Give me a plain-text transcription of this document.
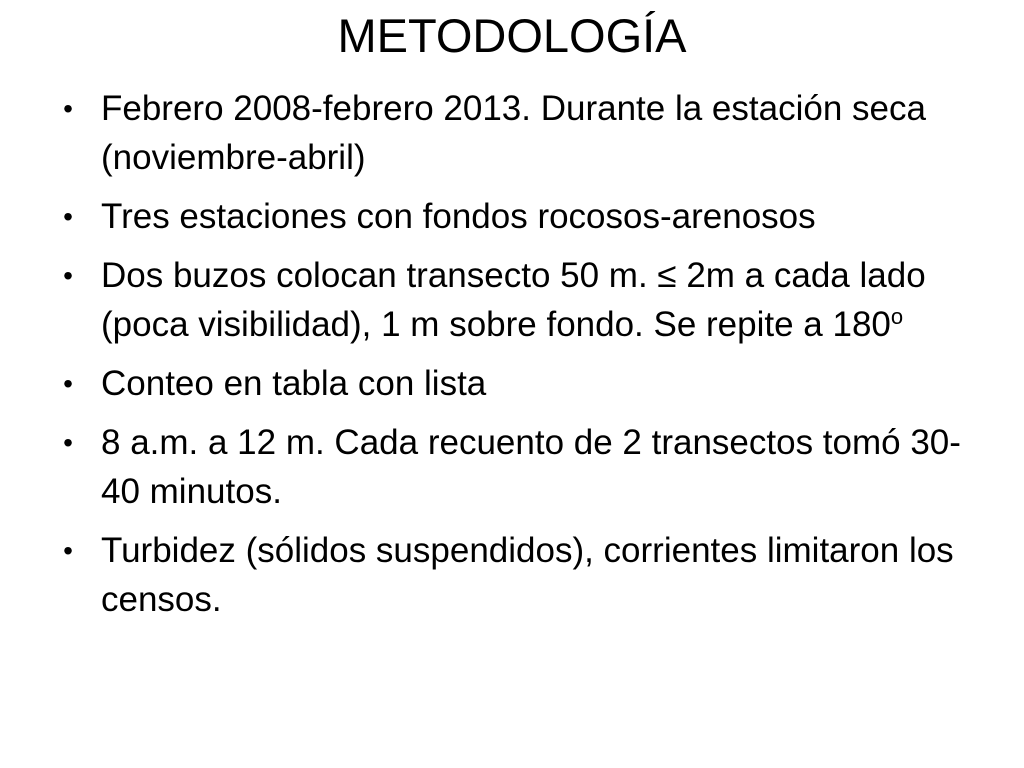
METODOLOGÍA
• Febrero 2008-febrero 2013. Durante la estación seca (noviembre-abril)
• Tres estaciones con fondos rocosos-arenosos
• Dos buzos colocan transecto 50 m. ≤ 2m a cada lado (poca visibilidad), 1 m sobre fondo. Se repite a 180$^o$
• Conteo en tabla con lista
• 8 a.m. a 12 m. Cada recuento de 2 transectos tomó 30-40 minutos.
• Turbidez (sólidos suspendidos), corrientes limitaron los censos.
